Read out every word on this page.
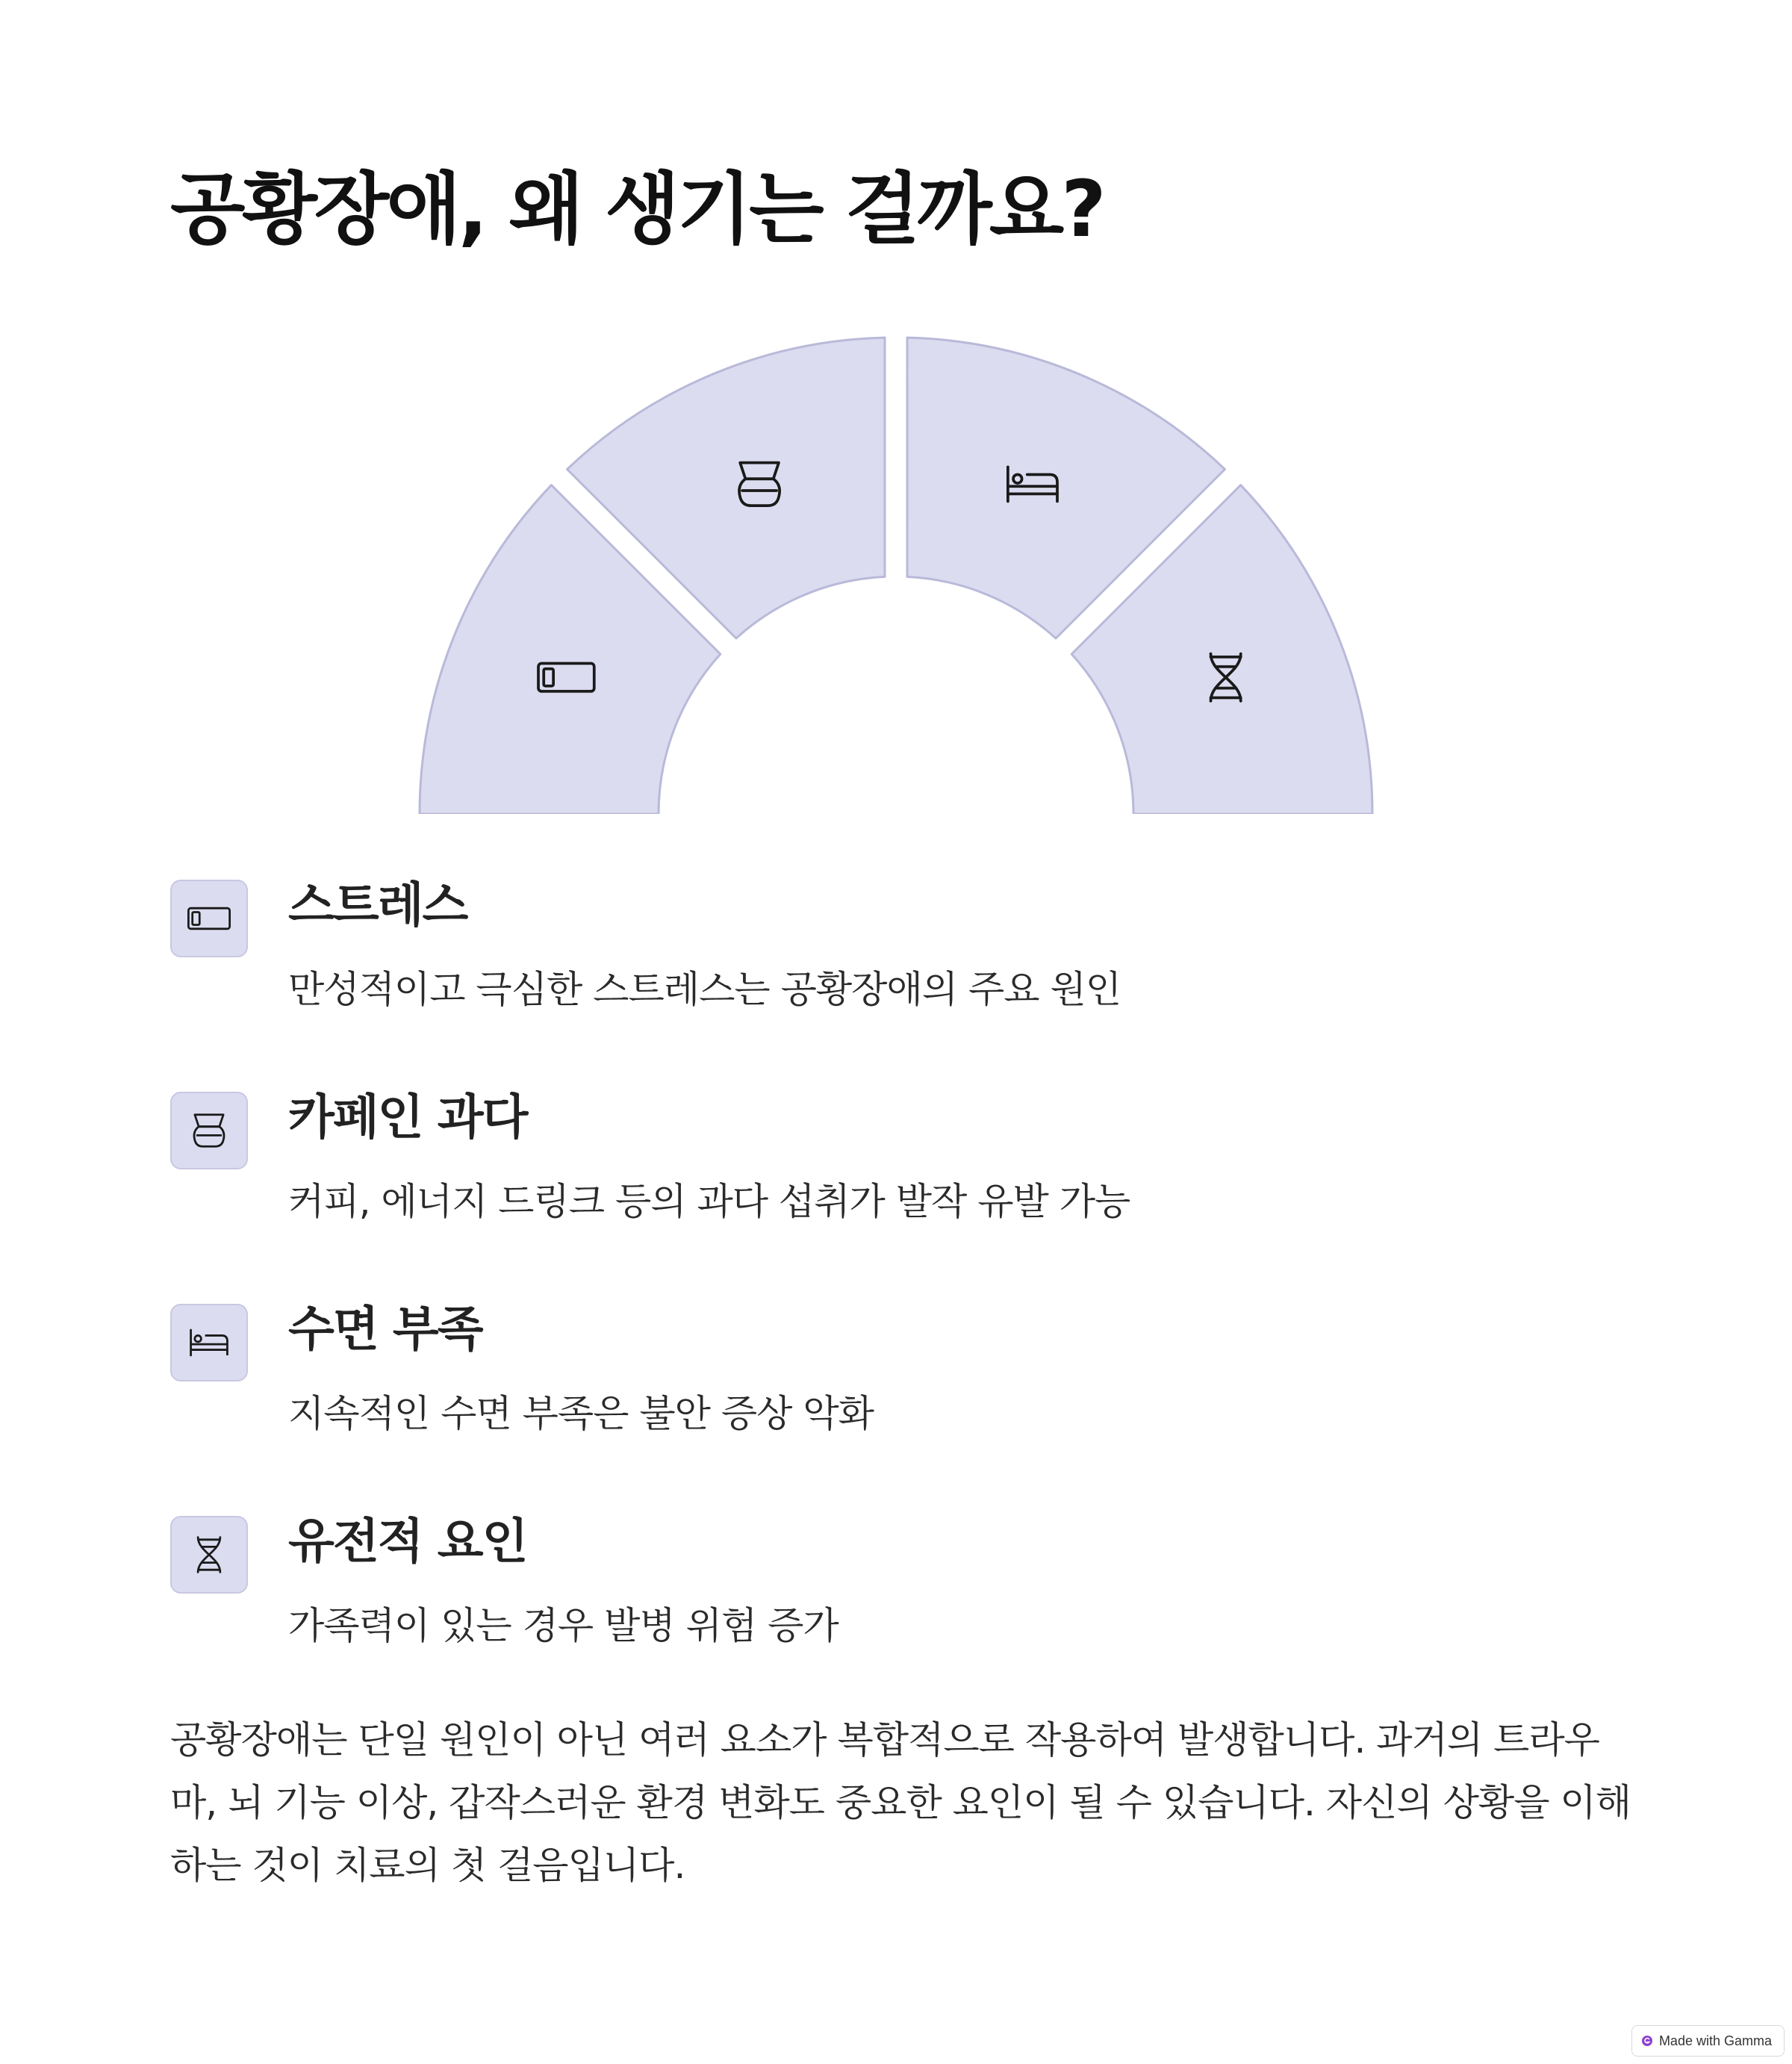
공황장애, 왜 생기는 걸까요?
스트레스

만성적이고 극심한 스트레스는 공황장애의 주요 원인

카페인 과다

커피, 에너지 드링크 등의 과다 섭취가 발작 유발 가능

수면 부족

지속적인 수면 부족은 불안 증상 악화

유전적 요인

가족력이 있는 경우 발병 위험 증가

공황장애는 단일 원인이 아닌 여러 요소가 복합적으로 작용하여 발생합니다. 과거의 트라우마, 뇌 기능 이상, 갑작스러운 환경 변화도 중요한 요인이 될 수 있습니다. 자신의 상황을 이해하는 것이 치료의 첫 걸음입니다.

Made with Gamma
